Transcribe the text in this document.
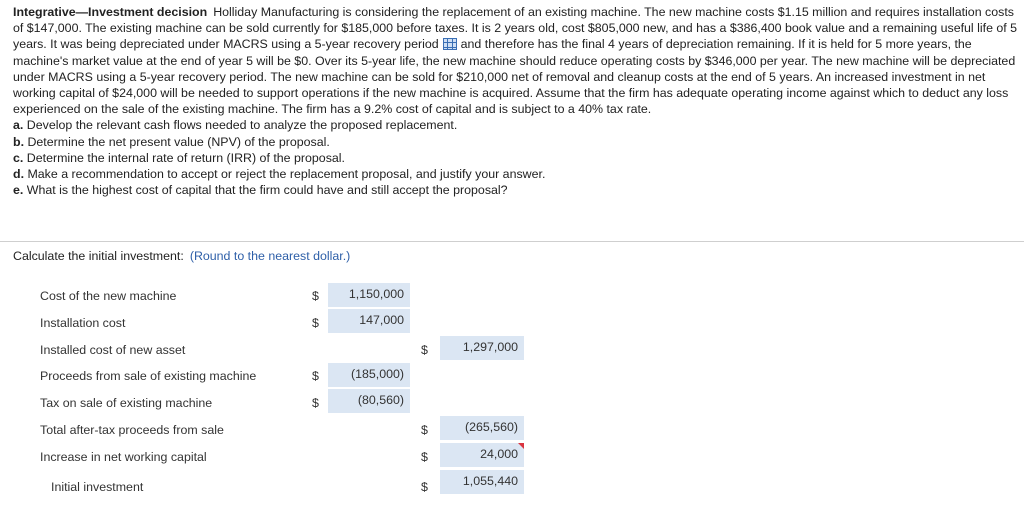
Integrative—Investment decision Holliday Manufacturing is considering the replacement of an existing machine. The new machine costs $1.15 million and requires installation costs of $147,000. The existing machine can be sold currently for $185,000 before taxes. It is 2 years old, cost $805,000 new, and has a $386,400 book value and a remaining useful life of 5 years. It was being depreciated under MACRS using a 5-year recovery period and therefore has the final 4 years of depreciation remaining. If it is held for 5 more years, the machine's market value at the end of year 5 will be $0. Over its 5-year life, the new machine should reduce operating costs by $346,000 per year. The new machine will be depreciated under MACRS using a 5-year recovery period. The new machine can be sold for $210,000 net of removal and cleanup costs at the end of 5 years. An increased investment in net working capital of $24,000 will be needed to support operations if the new machine is acquired. Assume that the firm has adequate operating income against which to deduct any loss experienced on the sale of the existing machine. The firm has a 9.2% cost of capital and is subject to a 40% tax rate.

a. Develop the relevant cash flows needed to analyze the proposed replacement.
b. Determine the net present value (NPV) of the proposal.
c. Determine the internal rate of return (IRR) of the proposal.
d. Make a recommendation to accept or reject the replacement proposal, and justify your answer.
e. What is the highest cost of capital that the firm could have and still accept the proposal?
Calculate the initial investment: (Round to the nearest dollar.)
Cost of the new machine	$	1,150,000
Installation cost	$	147,000
Installed cost of new asset	$	1,297,000
Proceeds from sale of existing machine	$	(185,000)
Tax on sale of existing machine	$	(80,560)
Total after-tax proceeds from sale	$	(265,560)
Increase in net working capital	$	24,000
Initial investment	$	1,055,440
